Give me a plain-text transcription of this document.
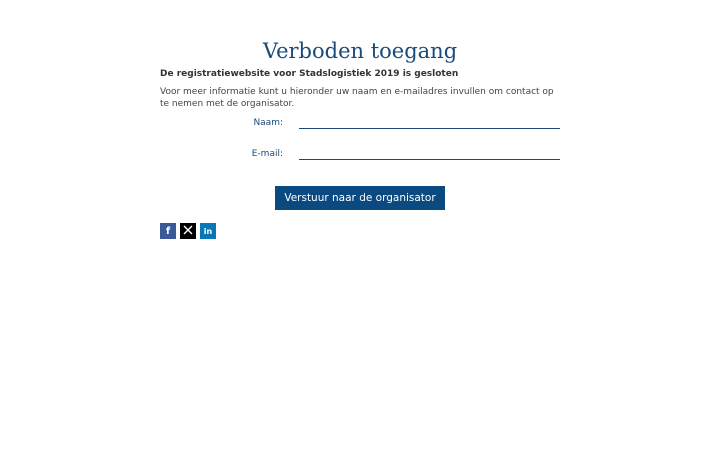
Verboden toegang
De registratiewebsite voor Stadslogistiek 2019 is gesloten
Voor meer informatie kunt u hieronder uw naam en e-mailadres invullen om contact op te nemen met de organisator.
Naam:
E-mail:
Verstuur naar de organisator
f	in
